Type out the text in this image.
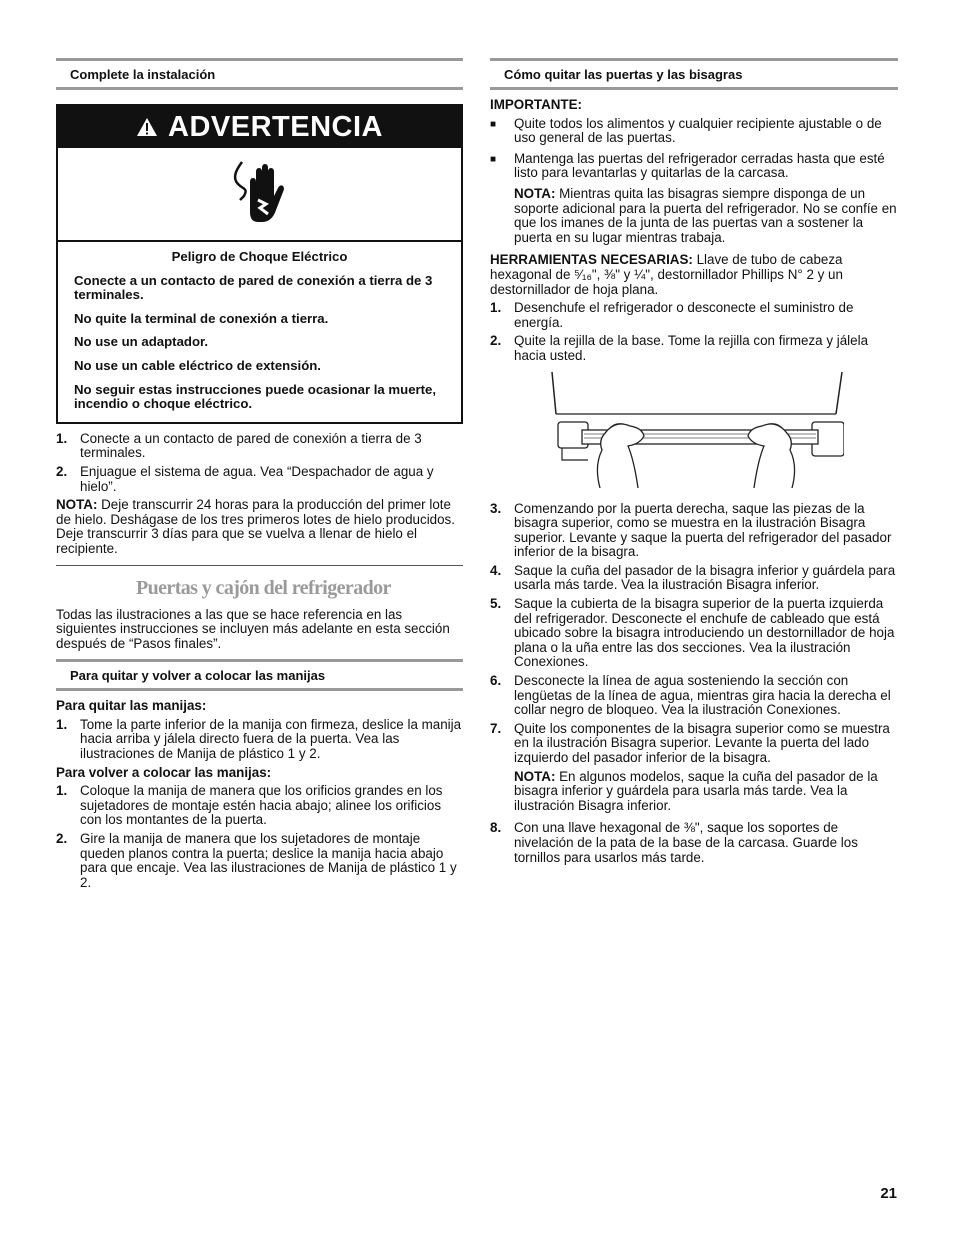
Complete la instalación
ADVERTENCIA

Peligro de Choque Eléctrico

Conecte a un contacto de pared de conexión a tierra de 3 terminales.

No quite la terminal de conexión a tierra.

No use un adaptador.

No use un cable eléctrico de extensión.

No seguir estas instrucciones puede ocasionar la muerte, incendio o choque eléctrico.

1. Conecte a un contacto de pared de conexión a tierra de 3 terminales.
2. Enjuague el sistema de agua. Vea “Despachador de agua y hielo”.

NOTA: Deje transcurrir 24 horas para la producción del primer lote de hielo. Deshágase de los tres primeros lotes de hielo producidos. Deje transcurrir 3 días para que se vuelva a llenar de hielo el recipiente.

Puertas y cajón del refrigerador

Todas las ilustraciones a las que se hace referencia en las siguientes instrucciones se incluyen más adelante en esta sección después de “Pasos finales”.

Para quitar y volver a colocar las manijas

Para quitar las manijas:

1. Tome la parte inferior de la manija con firmeza, deslice la manija hacia arriba y jálela directo fuera de la puerta. Vea las ilustraciones de Manija de plástico 1 y 2.

Para volver a colocar las manijas:

1. Coloque la manija de manera que los orificios grandes en los sujetadores de montaje estén hacia abajo; alinee los orificios con los montantes de la puerta.
2. Gire la manija de manera que los sujetadores de montaje queden planos contra la puerta; deslice la manija hacia abajo para que encaje. Vea las ilustraciones de Manija de plástico 1 y 2.
Cómo quitar las puertas y las bisagras

IMPORTANTE:

■	Quite todos los alimentos y cualquier recipiente ajustable o de uso general de las puertas.
■	Mantenga las puertas del refrigerador cerradas hasta que esté listo para levantarlas y quitarlas de la carcasa.

NOTA: Mientras quita las bisagras siempre disponga de un soporte adicional para la puerta del refrigerador. No se confíe en que los imanes de la junta de las puertas van a sostener la puerta en su lugar mientras trabaja.

HERRAMIENTAS NECESARIAS: Llave de tubo de cabeza hexagonal de ⁵⁄₁₆", ⅜" y ¼", destornillador Phillips N° 2 y un destornillador de hoja plana.

1. Desenchufe el refrigerador o desconecte el suministro de energía.
2. Quite la rejilla de la base. Tome la rejilla con firmeza y jálela hacia usted.
3. Comenzando por la puerta derecha, saque las piezas de la bisagra superior, como se muestra en la ilustración Bisagra superior. Levante y saque la puerta del refrigerador del pasador inferior de la bisagra.
4. Saque la cuña del pasador de la bisagra inferior y guárdela para usarla más tarde. Vea la ilustración Bisagra inferior.
5. Saque la cubierta de la bisagra superior de la puerta izquierda del refrigerador. Desconecte el enchufe de cableado que está ubicado sobre la bisagra introduciendo un destornillador de hoja plana o la uña entre las dos secciones. Vea la ilustración Conexiones.
6. Desconecte la línea de agua sosteniendo la sección con lengüetas de la línea de agua, mientras gira hacia la derecha el collar negro de bloqueo. Vea la ilustración Conexiones.
7. Quite los componentes de la bisagra superior como se muestra en la ilustración Bisagra superior. Levante la puerta del lado izquierdo del pasador inferior de la bisagra.

NOTA: En algunos modelos, saque la cuña del pasador de la bisagra inferior y guárdela para usarla más tarde. Vea la ilustración Bisagra inferior.

8. Con una llave hexagonal de ⅜", saque los soportes de nivelación de la pata de la base de la carcasa. Guarde los tornillos para usarlos más tarde.
21
